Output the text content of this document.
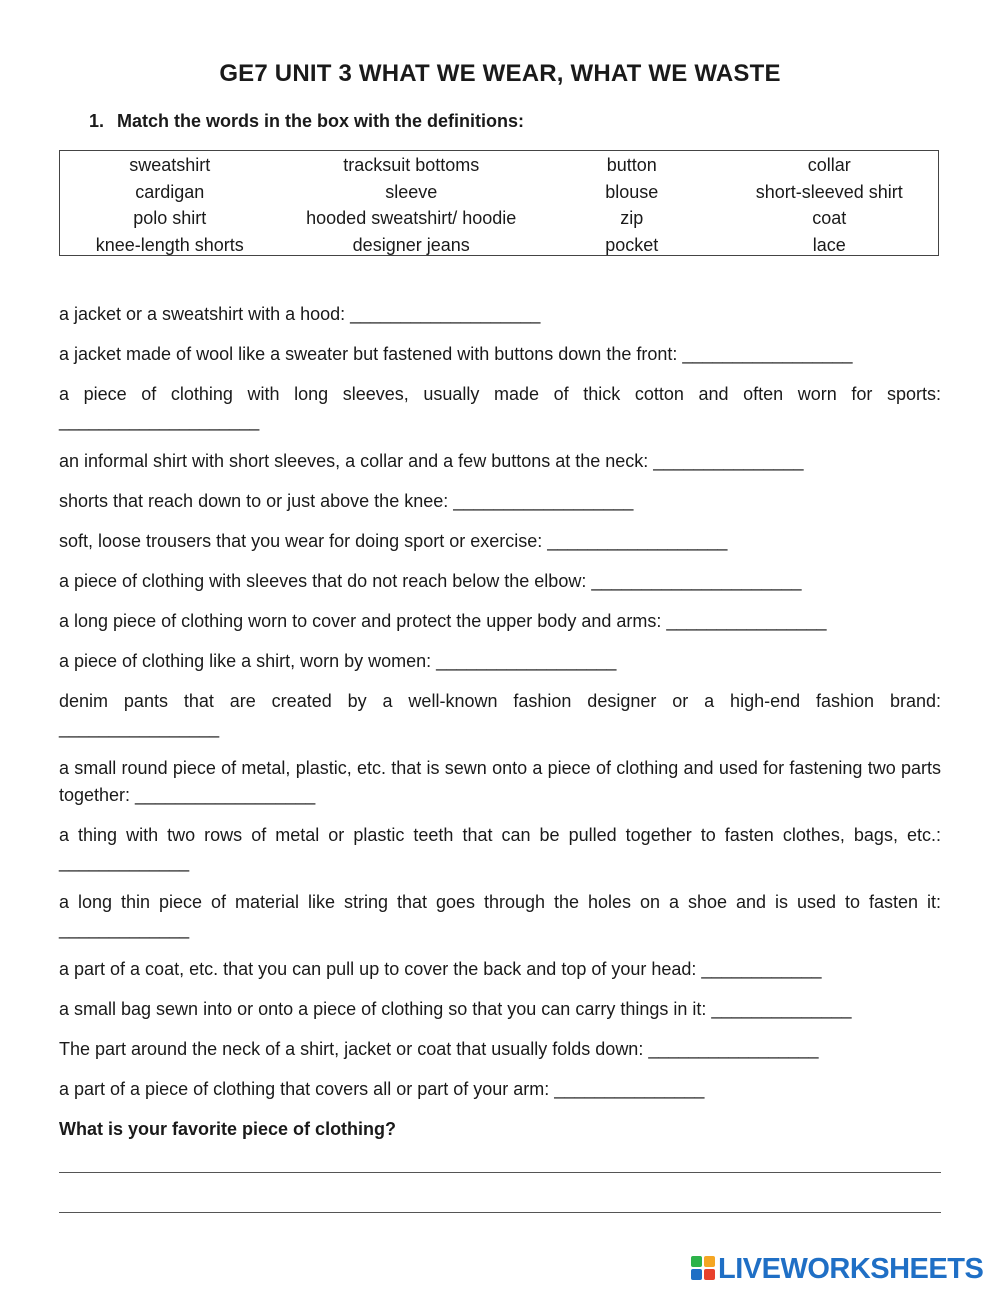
GE7 UNIT 3 WHAT WE WEAR, WHAT WE WASTE

1. Match the words in the box with the definitions:

sweatshirt	tracksuit bottoms	button	collar
cardigan	sleeve	blouse	short-sleeved shirt
polo shirt	hooded sweatshirt/ hoodie	zip	coat
knee-length shorts	designer jeans	pocket	lace

a jacket or a sweatshirt with a hood: ___________________

a jacket made of wool like a sweater but fastened with buttons down the front: _________________

a piece of clothing with long sleeves, usually made of thick cotton and often worn for sports: ____________________

an informal shirt with short sleeves, a collar and a few buttons at the neck: _______________

shorts that reach down to or just above the knee: __________________

soft, loose trousers that you wear for doing sport or exercise: __________________

a piece of clothing with sleeves that do not reach below the elbow: _____________________

a long piece of clothing worn to cover and protect the upper body and arms: ________________

a piece of clothing like a shirt, worn by women: __________________

denim pants that are created by a well-known fashion designer or a high-end fashion brand: ________________

a small round piece of metal, plastic, etc. that is sewn onto a piece of clothing and used for fastening two parts together: __________________

a thing with two rows of metal or plastic teeth that can be pulled together to fasten clothes, bags, etc.: _____________

a long thin piece of material like string that goes through the holes on a shoe and is used to fasten it: _____________

a part of a coat, etc. that you can pull up to cover the back and top of your head: ____________

a small bag sewn into or onto a piece of clothing so that you can carry things in it: ______________

The part around the neck of a shirt, jacket or coat that usually folds down: _________________

a part of a piece of clothing that covers all or part of your arm: _______________

What is your favorite piece of clothing?

LIVEWORKSHEETS
